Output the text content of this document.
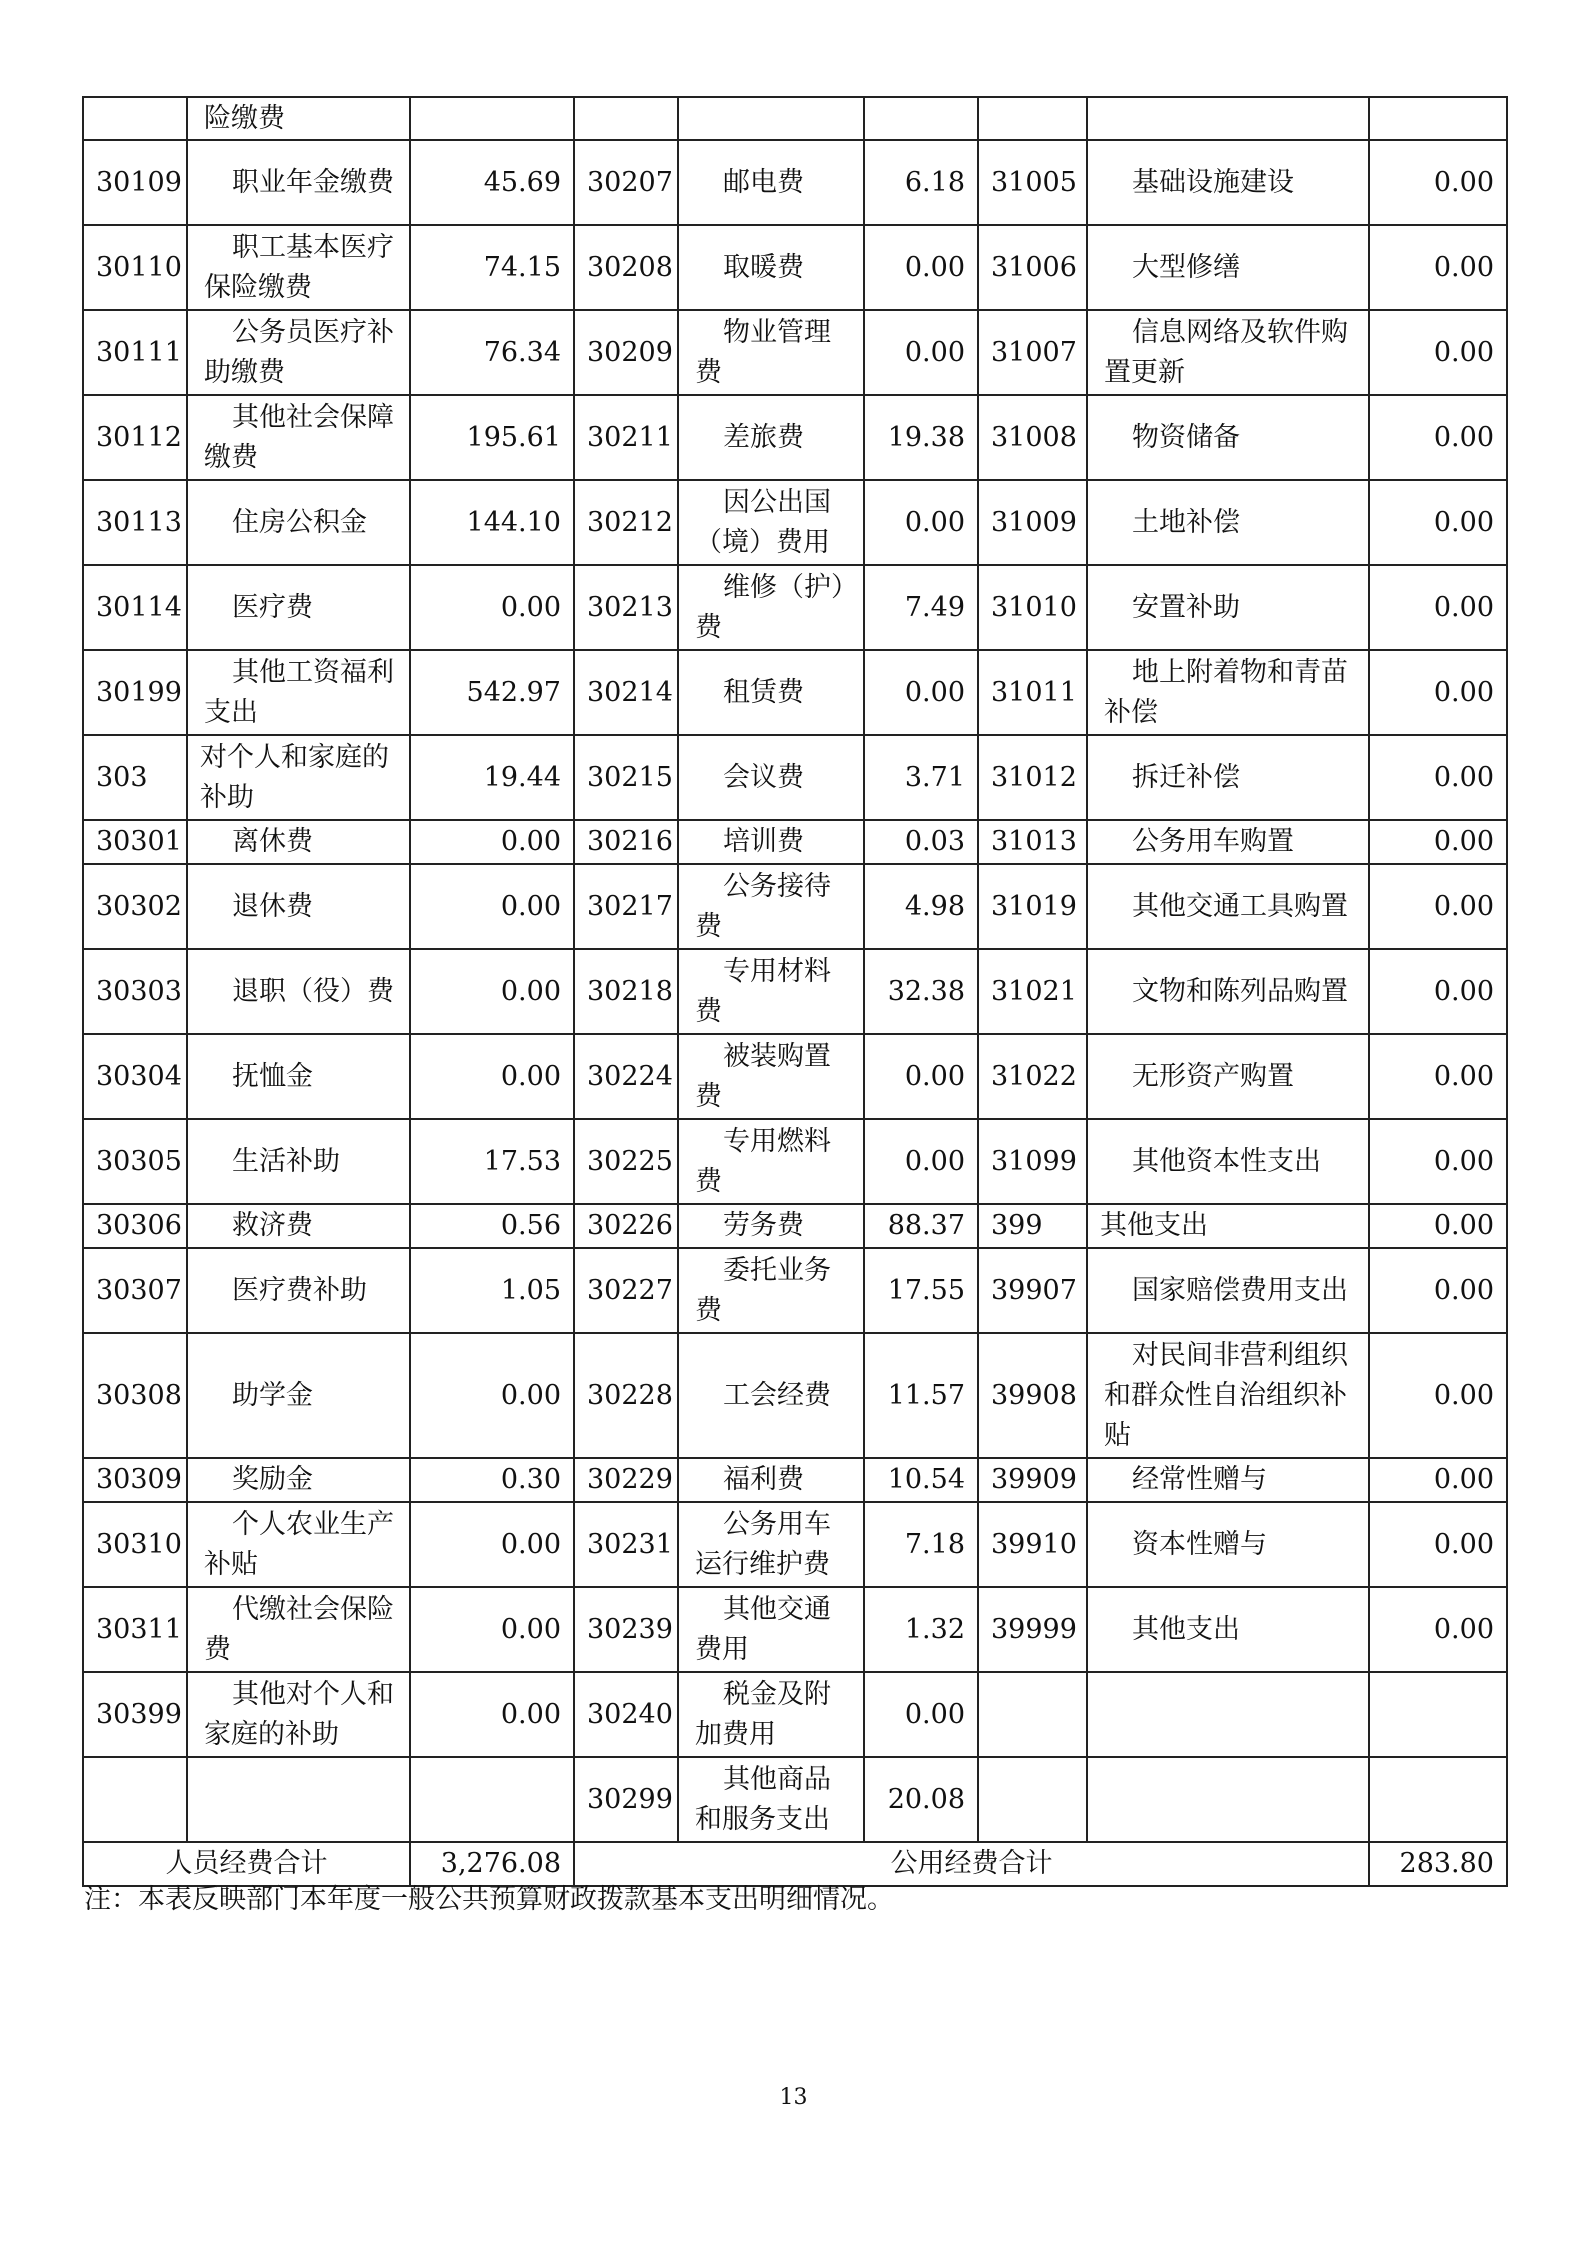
	险缴费							
30109	职业年金缴费	45.69	30207	邮电费	6.18	31005	基础设施建设	0.00
30110	职工基本医疗保险缴费	74.15	30208	取暖费	0.00	31006	大型修缮	0.00
30111	公务员医疗补助缴费	76.34	30209	物业管理费	0.00	31007	信息网络及软件购置更新	0.00
30112	其他社会保障缴费	195.61	30211	差旅费	19.38	31008	物资储备	0.00
30113	住房公积金	144.10	30212	因公出国（境）费用	0.00	31009	土地补偿	0.00
30114	医疗费	0.00	30213	维修（护）费	7.49	31010	安置补助	0.00
30199	其他工资福利支出	542.97	30214	租赁费	0.00	31011	地上附着物和青苗补偿	0.00
303	对个人和家庭的补助	19.44	30215	会议费	3.71	31012	拆迁补偿	0.00
30301	离休费	0.00	30216	培训费	0.03	31013	公务用车购置	0.00
30302	退休费	0.00	30217	公务接待费	4.98	31019	其他交通工具购置	0.00
30303	退职（役）费	0.00	30218	专用材料费	32.38	31021	文物和陈列品购置	0.00
30304	抚恤金	0.00	30224	被装购置费	0.00	31022	无形资产购置	0.00
30305	生活补助	17.53	30225	专用燃料费	0.00	31099	其他资本性支出	0.00
30306	救济费	0.56	30226	劳务费	88.37	399	其他支出	0.00
30307	医疗费补助	1.05	30227	委托业务费	17.55	39907	国家赔偿费用支出	0.00
30308	助学金	0.00	30228	工会经费	11.57	39908	对民间非营利组织和群众性自治组织补贴	0.00
30309	奖励金	0.30	30229	福利费	10.54	39909	经常性赠与	0.00
30310	个人农业生产补贴	0.00	30231	公务用车运行维护费	7.18	39910	资本性赠与	0.00
30311	代缴社会保险费	0.00	30239	其他交通费用	1.32	39999	其他支出	0.00
30399	其他对个人和家庭的补助	0.00	30240	税金及附加费用	0.00			
			30299	其他商品和服务支出	20.08			
人员经费合计		3,276.08	公用经费合计					283.80
注：本表反映部门本年度一般公共预算财政拨款基本支出明细情况。
13
